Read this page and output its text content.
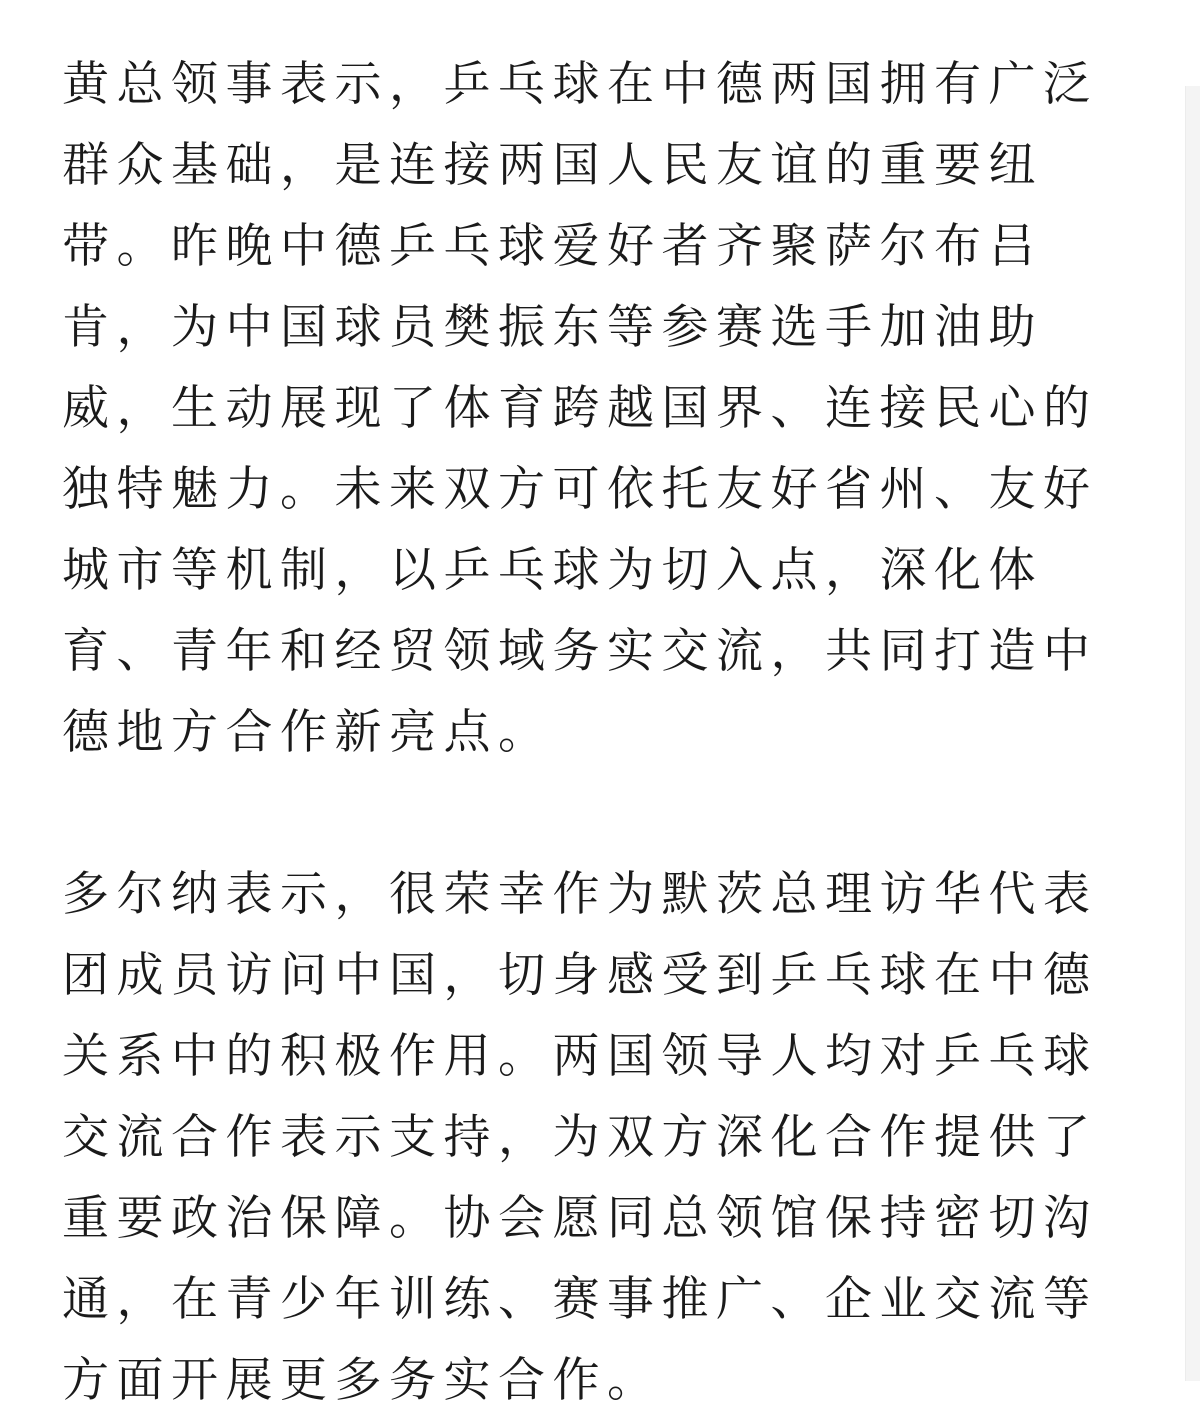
黄总领事表示，乒乓球在中德两国拥有广泛群众基础，是连接两国人民友谊的重要纽带。昨晚中德乒乓球爱好者齐聚萨尔布吕肯，为中国球员樊振东等参赛选手加油助威，生动展现了体育跨越国界、连接民心的独特魅力。未来双方可依托友好省州、友好城市等机制，以乒乓球为切入点，深化体育、青年和经贸领域务实交流，共同打造中德地方合作新亮点。

多尔纳表示，很荣幸作为默茨总理访华代表团成员访问中国，切身感受到乒乓球在中德关系中的积极作用。两国领导人均对乒乓球交流合作表示支持，为双方深化合作提供了重要政治保障。协会愿同总领馆保持密切沟通，在青少年训练、赛事推广、企业交流等方面开展更多务实合作。
